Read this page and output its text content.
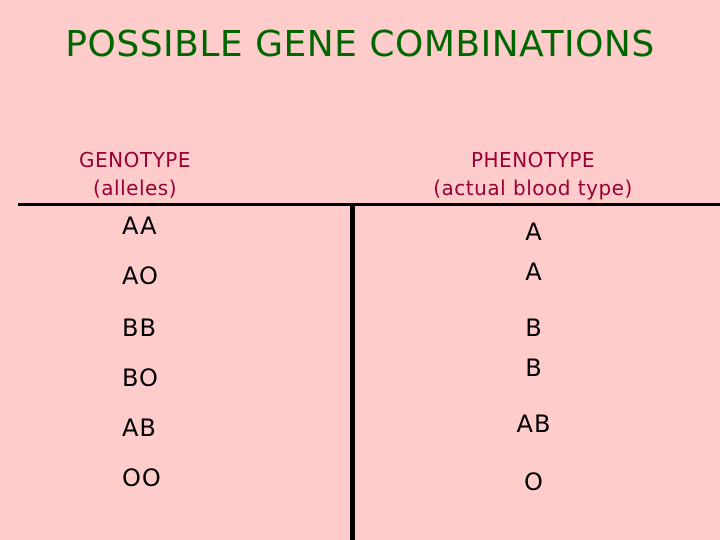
POSSIBLE GENE COMBINATIONS
GENOTYPE
(alleles)
PHENOTYPE
(actual blood type)
AA	A
AO	A
BB	B
BO	B
AB	AB
OO	O
